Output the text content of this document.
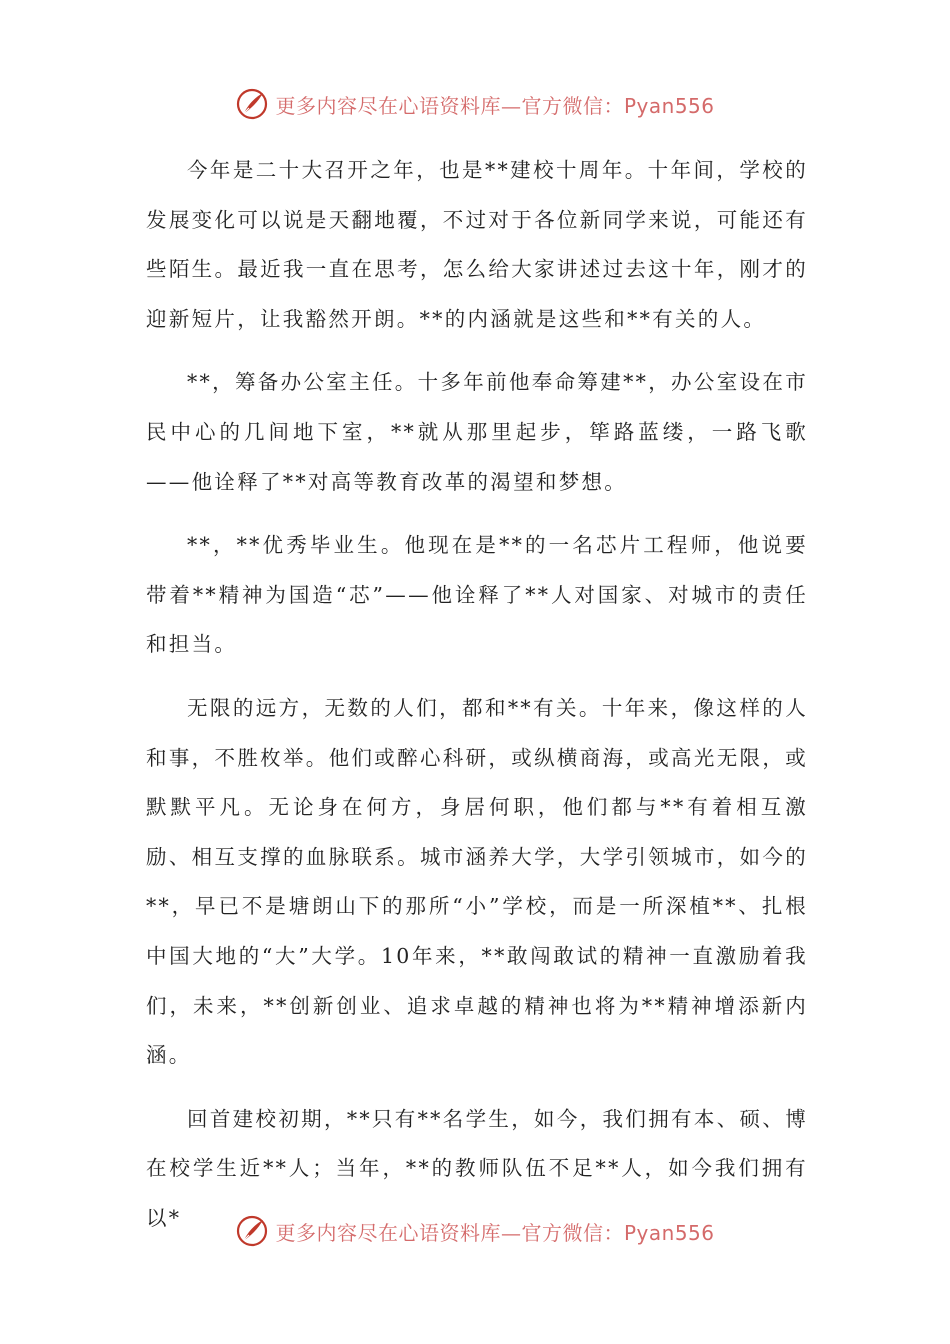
更多内容尽在心语资料库—官方微信：Pyan556

今年是二十大召开之年，也是**建校十周年。十年间，学校的发展变化可以说是天翻地覆，不过对于各位新同学来说，可能还有些陌生。最近我一直在思考，怎么给大家讲述过去这十年，刚才的迎新短片，让我豁然开朗。**的内涵就是这些和**有关的人。

**，筹备办公室主任。十多年前他奉命筹建**，办公室设在市民中心的几间地下室，**就从那里起步，筚路蓝缕，一路飞歌——他诠释了**对高等教育改革的渴望和梦想。

**，**优秀毕业生。他现在是**的一名芯片工程师，他说要带着**精神为国造“芯”——他诠释了**人对国家、对城市的责任和担当。

无限的远方，无数的人们，都和**有关。十年来，像这样的人和事，不胜枚举。他们或醉心科研，或纵横商海，或高光无限，或默默平凡。无论身在何方，身居何职，他们都与**有着相互激励、相互支撑的血脉联系。城市涵养大学，大学引领城市，如今的**，早已不是塘朗山下的那所“小”学校，而是一所深植**、扎根中国大地的“大”大学。10年来，**敢闯敢试的精神一直激励着我们，未来，**创新创业、追求卓越的精神也将为**精神增添新内涵。

回首建校初期，**只有**名学生，如今，我们拥有本、硕、博在校学生近**人；当年，**的教师队伍不足**人，如今我们拥有以*

更多内容尽在心语资料库—官方微信：Pyan556
